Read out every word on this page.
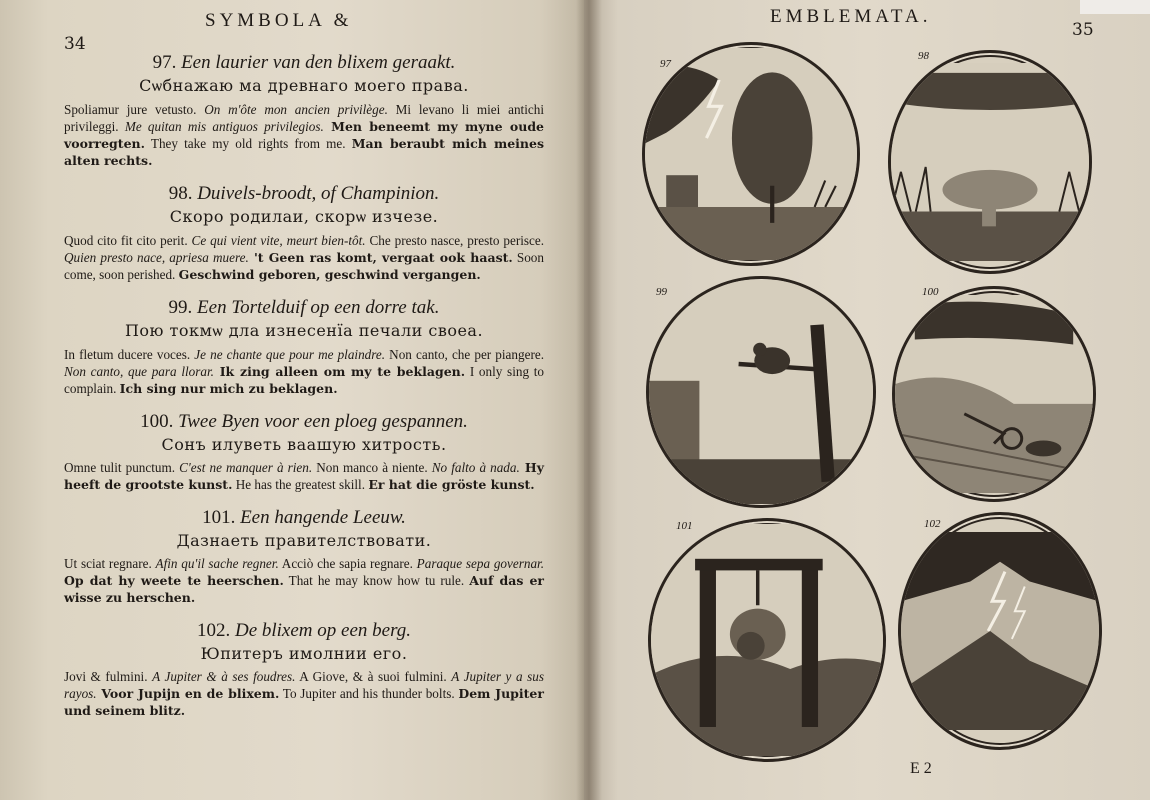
34
SYMBOLA &
97. Een laurier van den blixem geraakt.
Сѡбнажаю ма древнаго моего права.
Spoliamur jure vetusto. On m'ôte mon ancien privilège. Mi levano li miei antichi privileggi. Me quitan mis antiguos privilegios. Men beneemt my myne oude voorregten. They take my old rights from me. Man beraubt mich meines alten rechts.
98. Duivels-broodt, of Champinion.
Скоро родилаи, скорѡ изчезе.
Quod cito fit cito perit. Ce qui vient vite, meurt bien-tôt. Che presto nasce, presto perisce. Quien presto nace, apriesa muere. 't Geen ras komt, vergaat ook haast. Soon come, soon perished. Geschwind geboren, geschwind vergangen.
99. Een Tortelduif op een dorre tak.
Пою токмѡ дла изнесенїа печали своеа.
In fletum ducere voces. Je ne chante que pour me plaindre. Non canto, che per piangere. Non canto, que para llorar. Ik zing alleen om my te beklagen. I only sing to complain. Ich sing nur mich zu beklagen.
100. Twee Byen voor een ploeg gespannen.
Сонъ илуветь ваашую хитрость.
Omne tulit punctum. C'est ne manquer à rien. Non manco à niente. No falto à nada. Hy heeft de grootste kunst. He has the greatest skill. Er hat die gröste kunst.
101. Een hangende Leeuw.
Дазнаеть правителствовати.
Ut sciat regnare. Afin qu'il sache regner. Acciò che sapia regnare. Paraque sepa governar. Op dat hy weete te heerschen. That he may know how tu rule. Auf das er wisse zu herschen.
102. De blixem op een berg.
Юпитеръ имолнии его.
Jovi & fulmini. A Jupiter & à ses foudres. A Giove, & à suoi fulmini. A Jupiter y a sus rayos. Voor Jupijn en de blixem. To Jupiter and his thunder bolts. Dem Jupiter und seinem blitz.
EMBLEMATA.
35
97
98
99	100
101	102
E 2
